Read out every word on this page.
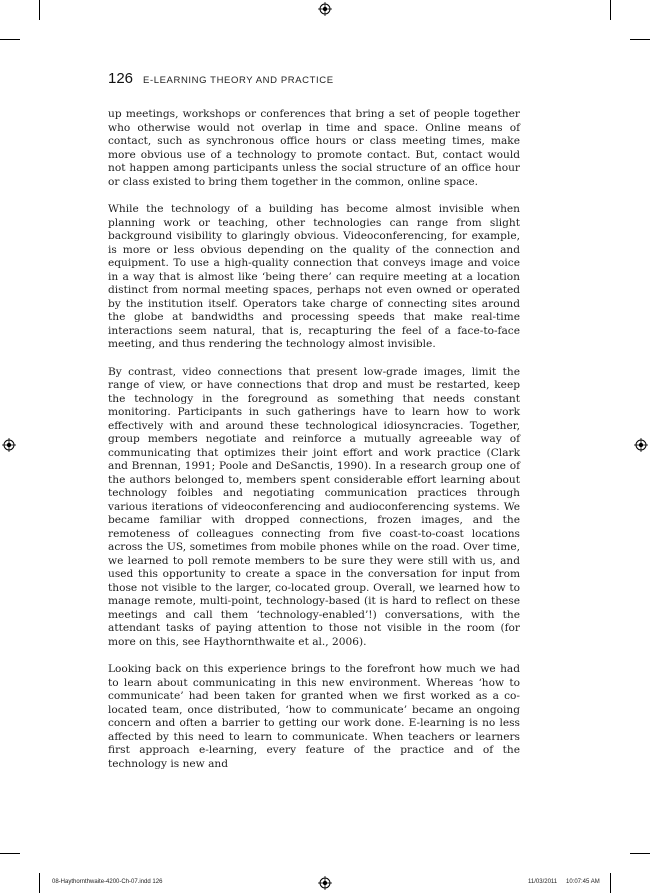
126 E-LEARNING THEORY AND PRACTICE

up meetings, workshops or conferences that bring a set of people together who otherwise would not overlap in time and space. Online means of contact, such as synchronous office hours or class meeting times, make more obvious use of a technology to promote contact. But, contact would not happen among participants unless the social structure of an office hour or class existed to bring them together in the common, online space.

While the technology of a building has become almost invisible when planning work or teaching, other technologies can range from slight background visibility to glaringly obvious. Videoconferencing, for example, is more or less obvious depending on the quality of the connection and equipment. To use a high-quality connection that conveys image and voice in a way that is almost like ‘being there’ can require meeting at a location distinct from normal meeting spaces, perhaps not even owned or operated by the institution itself. Operators take charge of connecting sites around the globe at bandwidths and processing speeds that make real-time interactions seem natural, that is, recapturing the feel of a face-to-face meeting, and thus rendering the technology almost invisible.

By contrast, video connections that present low-grade images, limit the range of view, or have connections that drop and must be restarted, keep the technology in the foreground as something that needs constant monitoring. Participants in such gatherings have to learn how to work effectively with and around these technological idiosyncracies. Together, group members negotiate and reinforce a mutually agreeable way of communicating that optimizes their joint effort and work practice (Clark and Brennan, 1991; Poole and DeSanctis, 1990). In a research group one of the authors belonged to, members spent considerable effort learning about technology foibles and negotiating communication practices through various iterations of videoconferencing and audioconferencing systems. We became familiar with dropped connections, frozen images, and the remoteness of colleagues connecting from five coast-to-coast locations across the US, sometimes from mobile phones while on the road. Over time, we learned to poll remote members to be sure they were still with us, and used this opportunity to create a space in the conversation for input from those not visible to the larger, co-located group. Overall, we learned how to manage remote, multi-point, technology-based (it is hard to reflect on these meetings and call them ‘technology-enabled’!) conversations, with the attendant tasks of paying attention to those not visible in the room (for more on this, see Haythornthwaite et al., 2006).

Looking back on this experience brings to the forefront how much we had to learn about communicating in this new environment. Whereas ‘how to communicate’ had been taken for granted when we first worked as a co-located team, once distributed, ‘how to communicate’ became an ongoing concern and often a barrier to getting our work done. E-learning is no less affected by this need to learn to communicate. When teachers or learners first approach e-learning, every feature of the practice and of the technology is new and

08-Haythornthwaite-4200-Ch-07.indd 126	11/03/2011 10:07:45 AM
